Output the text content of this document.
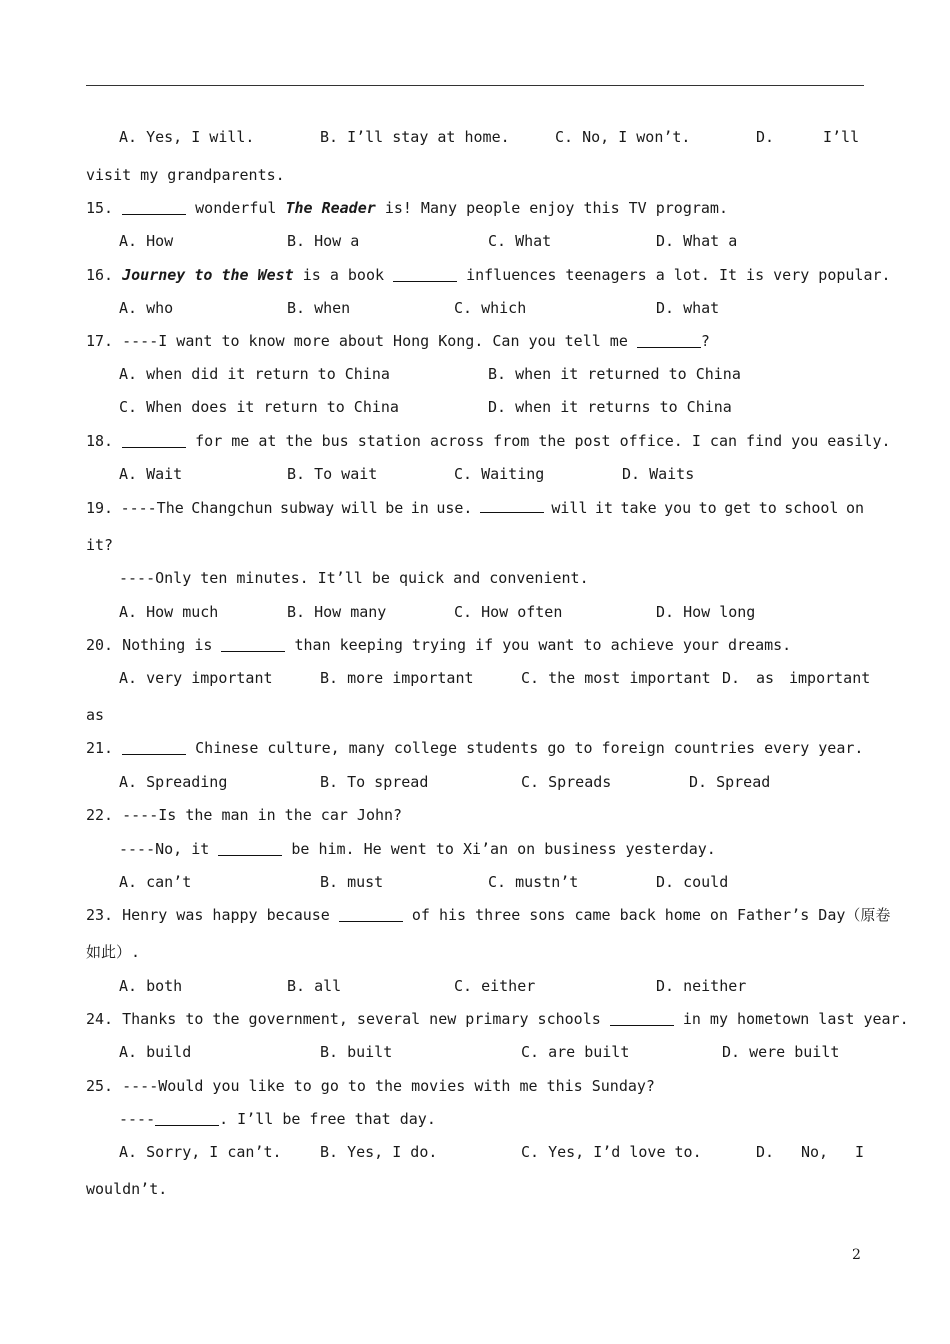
A. Yes, I will.

	B. I’ll stay at home.

	C. No, I won’t.

	D.

	I’ll

visit my grandparents.
15.	wonderful The Reader is! Many people enjoy this TV program.

A. How

	B. How a

	C. What

	D. What a

16. Journey to the West is a book	influences teenagers a lot. It is very popular.

A. who

	B. when

	C. which

	D. what

17. ----I want to know more about Hong Kong. Can you tell me	?

A. when did it return to China

	B. when it returned to China

C. When does it return to China

	D. when it returns to China

18.	for me at the bus station across from the post office. I can find you easily.

A. Wait

	B. To wait

	C. Waiting

	D. Waits

19. ----The Changchun subway will be in use.	will it take you to get to school on
it?
----Only ten minutes. It’ll be quick and convenient.

A. How much

	B. How many

	C. How often

	D. How long

20. Nothing is	than keeping trying if you want to achieve your dreams.

A. very important

	B. more important

	C. the most important

D.

as

important

as
21.	Chinese culture, many college students go to foreign countries every year.

A. Spreading

	B. To spread

	C. Spreads

	D. Spread

22. ----Is the man in the car John?
----No, it	be him. He went to Xi’an on business yesterday.

A. can’t

	B. must

	C. mustn’t

	D. could

23. Henry was happy because	of his three sons came back home on Father’s Day（原卷
如此）.

A. both

	B. all

	C. either

	D. neither

24. Thanks to the government, several new primary schools	in my hometown last year.

A. build

	B. built

	C. are built

	D. were built

25. ----Would you like to go to the movies with me this Sunday?
----	. I’ll be free that day.

A. Sorry, I can’t.

	B. Yes, I do.

	C. Yes, I’d love to.

	D.

No,

I

wouldn’t.
2
